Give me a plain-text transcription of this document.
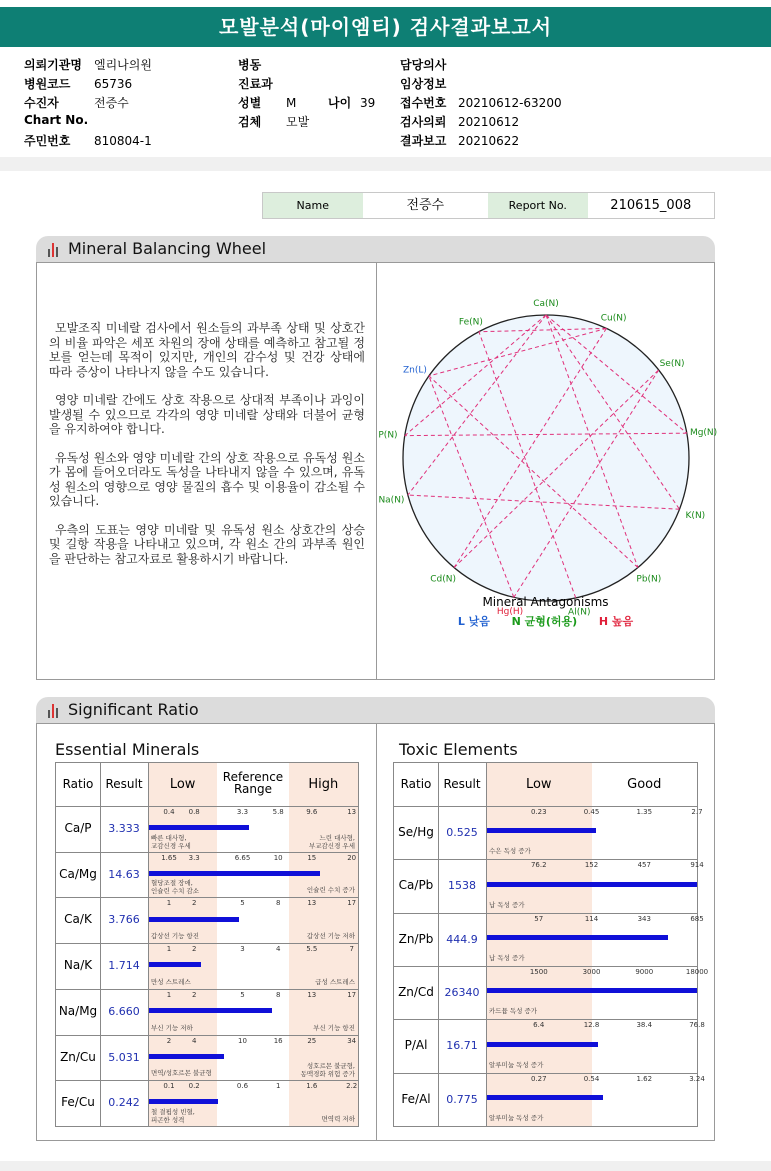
모발분석(마이엠티) 검사결과보고서
의뢰기관명 엘리나의원
병원코드 65736
수진자	전증수
Chart No.
주민번호 810804-1
병동
진료과
성별 M	나이 39
검체 모발
담당의사
임상정보
접수번호 20210612-63200
검사의뢰 20210612
결과보고 20210622
Name	전증수	Report No.	210615_008
Mineral Balancing Wheel

모발조직 미네랄 검사에서 원소들의 과부족 상태 및 상호간의 비율 파악은 세포 차원의 장애 상태를 예측하고 참고될 정보를 얻는데 목적이 있지만, 개인의 감수성 및 건강 상태에 따라 증상이 나타나지 않을 수도 있습니다.

영양 미네랄 간에도 상호 작용으로 상대적 부족이나 과잉이 발생될 수 있으므로 각각의 영양 미네랄 상태와 더불어 균형을 유지하여야 합니다.

유독성 원소와 영양 미네랄 간의 상호 작용으로 유독성 원소가 몸에 들어오더라도 독성을 나타내지 않을 수 있으며, 유독성 원소의 영향으로 영양 물질의 흡수 및 이용율이 감소될 수 있습니다.

우측의 도표는 영양 미네랄 및 유독성 원소 상호간의 상승 및 길항 작용을 나타내고 있으며, 각 원소 간의 과부족 원인을 판단하는 참고자료로 활용하시기 바랍니다.

Ca(N)
Cu(N)
Se(N)
Mg(N)
K(N)
Pb(N)
Al(N)
Hg(H)
Cd(N)
Na(N)
P(N)
Zn(L)
Fe(N)
Mineral Antagonisms
L 낮음 N 균형(허용) H 높음
Significant Ratio
Essential Minerals	Toxic Elements
Ratio	Result	Low	Reference Range	High
Ca/P	3.333
0.4	0.8	3.3	5.8	9.6	13
빠른 대사형,
교감신경 우세
느린 대사형,
부교감신경 우세
Ca/Mg	14.63
1.65	3.3	6.65	10	15	20
혈당조절 장애,
인슐린 수치 감소	인슐린 수치 증가
Ca/K	3.766
1	2	5	8	13	17
갑상선 기능 항진	갑상선 기능 저하
Na/K	1.714
1	2	3	4	5.5	7
만성 스트레스	급성 스트레스
Na/Mg	6.660
1	2	5	8	13	17
부신 기능 저하	부신 기능 항진
Zn/Cu	5.031
2	4	10	16	25	34
면역/성호르몬 불균형
성호르몬 불균형,
동맥경화 위험 증가
Fe/Cu	0.242
0.1	0.2	0.6	1	1.6	2.2
철 결핍성 빈혈,
피곤한 성격	면역력 저하
Ratio	Result	Low	Good
Se/Hg	0.525
0.23	0.45	1.35	2.7
수은 독성 증가
Ca/Pb	1538
76.2	152	457	914
납 독성 증가
Zn/Pb	444.9
57	114	343	685
납 독성 증가
Zn/Cd 26340
1500	3000	9000	18000
카드뮴 독성 증가
P/Al	16.71
6.4	12.8	38.4	76.8
알루미늄 독성 증가
Fe/Al	0.775
0.27	0.54	1.62	3.24
알루미늄 독성 증가
